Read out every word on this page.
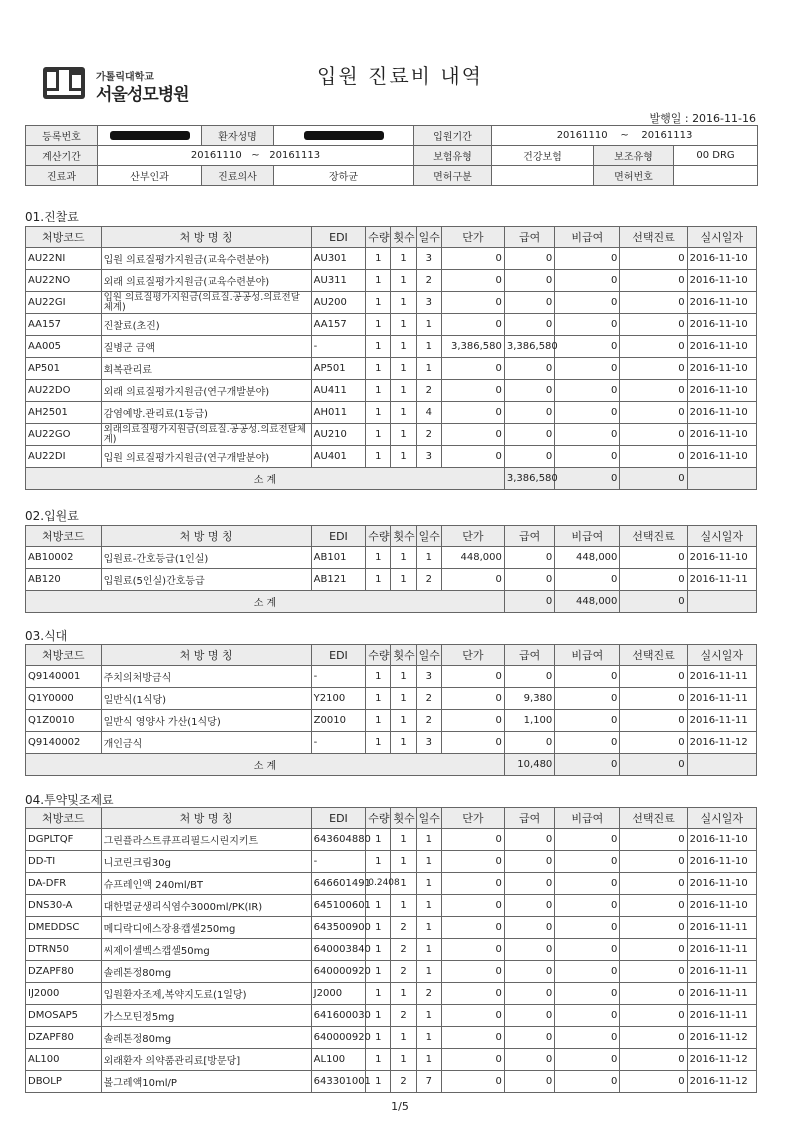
가톨릭대학교
서울성모병원
입원 진료비 내역
발행일 : 2016-11-16
등록번호		환자성명		입원기간	20161110 ~ 20161113		
계산기간	20161110 ~ 20161113			보험유형	건강보험	보조유형	00 DRG
진료과	산부인과	진료의사	장하균	면허구분		면허번호	
01.진찰료
처방코드	처 방 명 칭	EDI	수량	횟수	일수	단가	급여	비급여	선택진료	실시일자
AU22NI	입원 의료질평가지원금(교육수련분야)	AU301	1	1	3	0	0	0	0	2016-11-10
AU22NO	외래 의료질평가지원금(교육수련분야)	AU311	1	1	2	0	0	0	0	2016-11-10
AU22GI	입원 의료질평가지원금(의료질.공공성.의료전달체계)	AU200	1	1	3	0	0	0	0	2016-11-10
AA157	진찰료(초진)	AA157	1	1	1	0	0	0	0	2016-11-10
AA005	질병군 금액	-	1	1	1	3,386,580	3,386,580	0	0	2016-11-10
AP501	회복관리료	AP501	1	1	1	0	0	0	0	2016-11-10
AU22DO	외래 의료질평가지원금(연구개발분야)	AU411	1	1	2	0	0	0	0	2016-11-10
AH2501	감염예방.관리료(1등급)	AH011	1	1	4	0	0	0	0	2016-11-10
AU22GO	외래의료질평가지원금(의료질.공공성.의료전달체계)	AU210	1	1	2	0	0	0	0	2016-11-10
AU22DI	입원 의료질평가지원금(연구개발분야)	AU401	1	1	3	0	0	0	0	2016-11-10
소 계							3,386,580	0	0	
02.입원료
처방코드	처 방 명 칭	EDI	수량	횟수	일수	단가	급여	비급여	선택진료	실시일자
AB10002	입원료-간호등급(1인실)	AB101	1	1	1	448,000	0	448,000	0	2016-11-10
AB120	입원료(5인실)간호등급	AB121	1	1	2	0	0	0	0	2016-11-11
소 계							0	448,000	0	
03.식대
처방코드	처 방 명 칭	EDI	수량	횟수	일수	단가	급여	비급여	선택진료	실시일자
Q9140001	주치의처방금식	-	1	1	3	0	0	0	0	2016-11-11
Q1Y0000	일반식(1식당)	Y2100	1	1	2	0	9,380	0	0	2016-11-11
Q1Z0010	일반식 영양사 가산(1식당)	Z0010	1	1	2	0	1,100	0	0	2016-11-11
Q9140002	개인금식	-	1	1	3	0	0	0	0	2016-11-12
소 계							10,480	0	0	
04.투약및조제료
처방코드	처 방 명 칭	EDI	수량	횟수	일수	단가	급여	비급여	선택진료	실시일자
DGPLTQF	그린플라스트큐프리필드시린지키트	643604880	1	1	1	0	0	0	0	2016-11-10
DD-TI	니코린크림30g	-	1	1	1	0	0	0	0	2016-11-10
DA-DFR	슈프레인액 240ml/BT	646601491	0.2408	1	1	0	0	0	0	2016-11-10
DNS30-A	대한멀균생리식염수3000ml/PK(IR)	645100601	1	1	1	0	0	0	0	2016-11-10
DMEDDSC	메디락디에스장용캡셀250mg	643500900	1	2	1	0	0	0	0	2016-11-11
DTRN50	씨제이셀벡스캡셀50mg	640003840	1	2	1	0	0	0	0	2016-11-11
DZAPF80	솔레톤정80mg	640000920	1	2	1	0	0	0	0	2016-11-11
IJ2000	입원환자조제,복약지도료(1일당)	J2000	1	1	2	0	0	0	0	2016-11-11
DMOSAP5	가스모틴정5mg	641600030	1	2	1	0	0	0	0	2016-11-11
DZAPF80	솔레톤정80mg	640000920	1	1	1	0	0	0	0	2016-11-12
AL100	외래환자 의약품관리료[방문당]	AL100	1	1	1	0	0	0	0	2016-11-12
DBOLP	볼그레액10ml/P	643301001	1	2	7	0	0	0	0	2016-11-12
1/5
